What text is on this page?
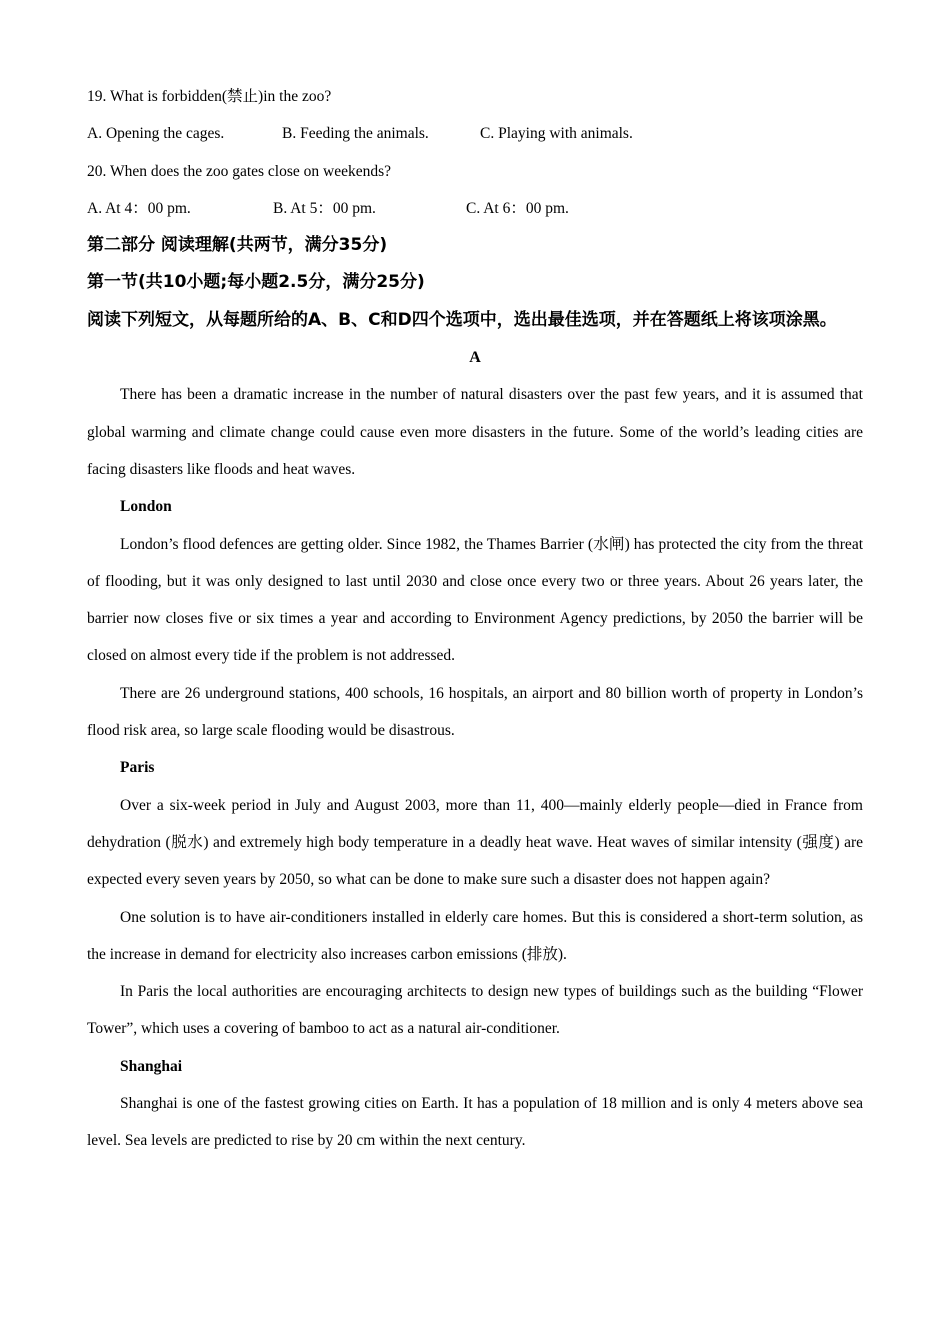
19. What is forbidden(禁止)in the zoo?
A. Opening the cages.	B. Feeding the animals.	C. Playing with animals.
20. When does the zoo gates close on weekends?
A. At 4：00 pm.	B. At 5：00 pm.	C. At 6：00 pm.
第二部分 阅读理解(共两节，满分35分)
第一节(共10小题;每小题2.5分，满分25分)
阅读下列短文，从每题所给的A、B、C和D四个选项中，选出最佳选项，并在答题纸上将该项涂黑。
A
There has been a dramatic increase in the number of natural disasters over the past few years, and it is assumed that global warming and climate change could cause even more disasters in the future. Some of the world’s leading cities are facing disasters like floods and heat waves.
London
London’s flood defences are getting older. Since 1982, the Thames Barrier (水闸) has protected the city from the threat of flooding, but it was only designed to last until 2030 and close once every two or three years. About 26 years later, the barrier now closes five or six times a year and according to Environment Agency predictions, by 2050 the barrier will be closed on almost every tide if the problem is not addressed.
There are 26 underground stations, 400 schools, 16 hospitals, an airport and 80 billion worth of property in London’s flood risk area, so large scale flooding would be disastrous.
Paris
Over a six-week period in July and August 2003, more than 11, 400—mainly elderly people—died in France from dehydration (脱水) and extremely high body temperature in a deadly heat wave. Heat waves of similar intensity (强度) are expected every seven years by 2050, so what can be done to make sure such a disaster does not happen again?
One solution is to have air-conditioners installed in elderly care homes. But this is considered a short-term solution, as the increase in demand for electricity also increases carbon emissions (排放).
In Paris the local authorities are encouraging architects to design new types of buildings such as the building “Flower Tower”, which uses a covering of bamboo to act as a natural air-conditioner.
Shanghai
Shanghai is one of the fastest growing cities on Earth. It has a population of 18 million and is only 4 meters above sea level. Sea levels are predicted to rise by 20 cm within the next century.
